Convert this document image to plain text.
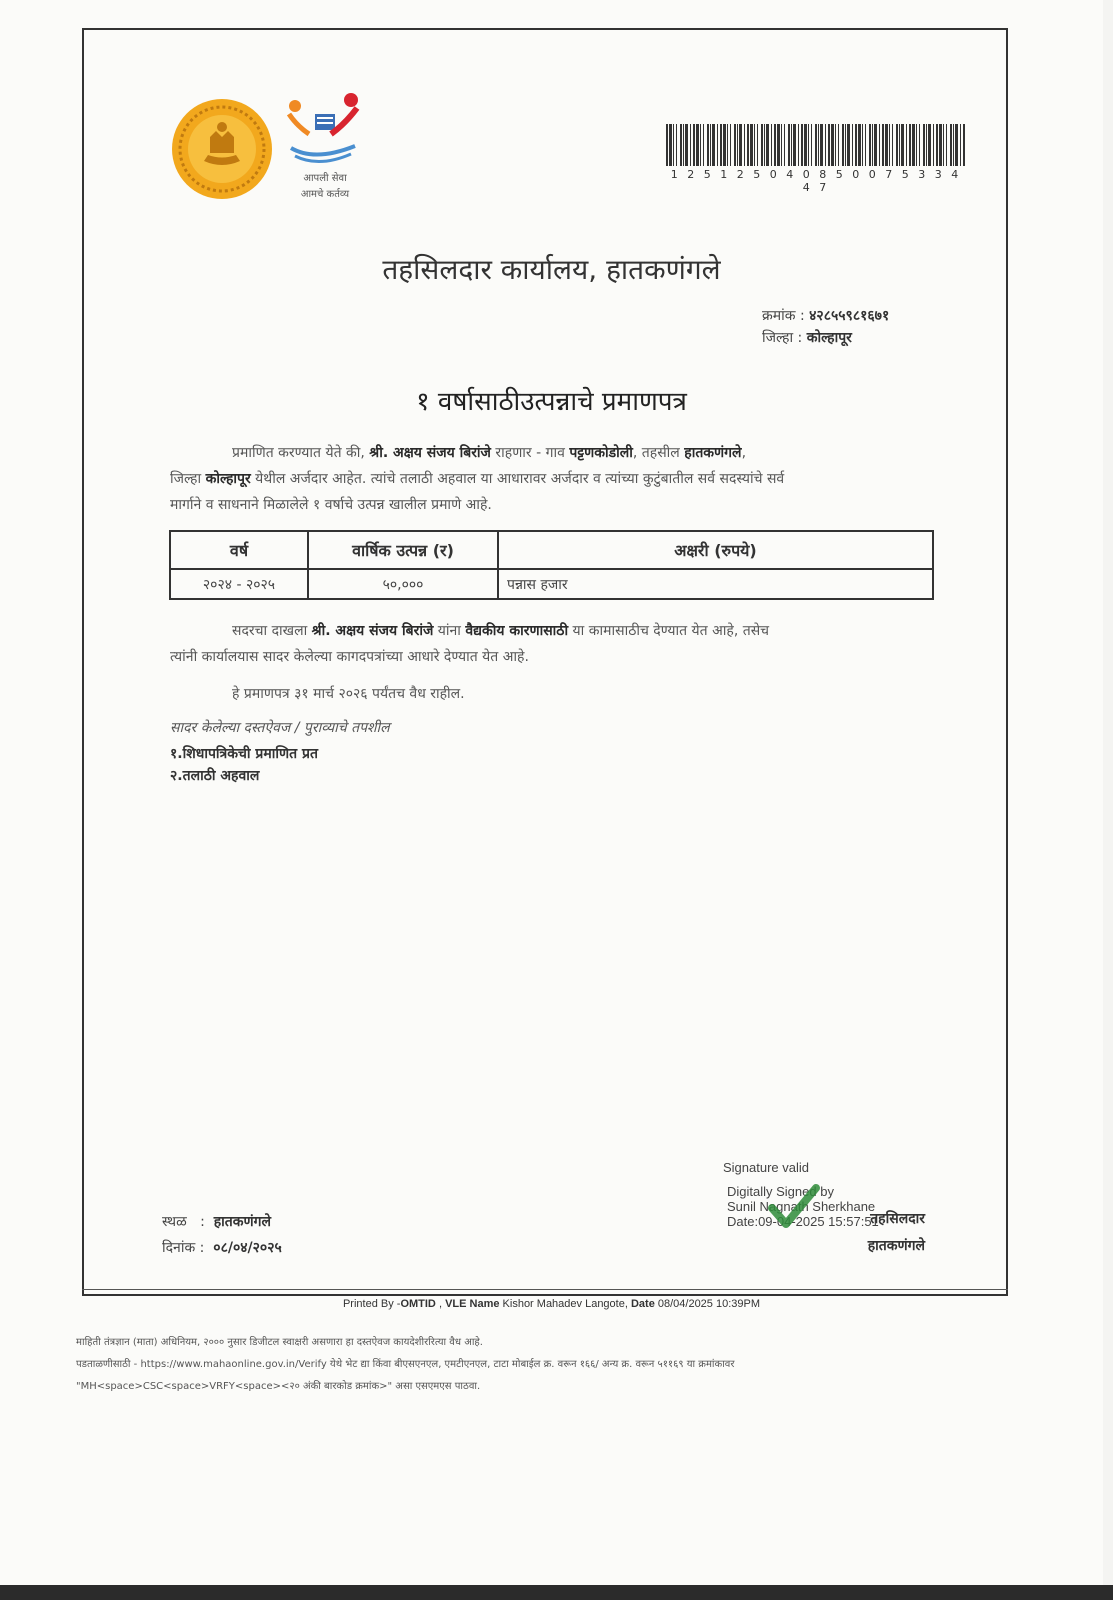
आपली सेवा
आमचे कर्तव्य
1 2 5 1 2 5 0 4 0 8 5 0 0 7 5 3 3 4 4 7
तहसिलदार कार्यालय, हातकणंगले
क्रमांक : ४२८५५९८१६७१
जिल्हा : कोल्हापूर
१ वर्षासाठीउत्पन्नाचे प्रमाणपत्र
प्रमाणित करण्यात येते की, श्री. अक्षय संजय बिरांजे राहणार - गाव पट्टणकोडोली, तहसील हातकणंगले,
जिल्हा कोल्हापूर येथील अर्जदार आहेत. त्यांचे तलाठी अहवाल या आधारावर अर्जदार व त्यांच्या कुटुंबातील सर्व सदस्यांचे सर्व
मार्गाने व साधनाने मिळालेले १ वर्षाचे उत्पन्न खालील प्रमाणे आहे.
वर्ष	वार्षिक उत्पन्न (र)	अक्षरी (रुपये)
२०२४ - २०२५	५०,०००	पन्नास हजार
सदरचा दाखला श्री. अक्षय संजय बिरांजे यांना वैद्यकीय कारणासाठी या कामासाठीच देण्यात येत आहे, तसेच
त्यांनी कार्यालयास सादर केलेल्या कागदपत्रांच्या आधारे देण्यात येत आहे.
हे प्रमाणपत्र ३१ मार्च २०२६ पर्यंतच वैध राहील.
सादर केलेल्या दस्तऐवज / पुराव्याचे तपशील
१.शिधापत्रिकेची प्रमाणित प्रत
२.तलाठी अहवाल
स्थळ   :  हातकणंगले
दिनांक :  ०८/०४/२०२५
Signature valid
Digitally Signed by
Sunil Nagnath Sherkhane
Date:09-04-2025 15:57:51
तहसिलदार
हातकणंगले
Printed By -OMTID , VLE Name Kishor Mahadev Langote, Date 08/04/2025 10:39PM
माहिती तंत्रज्ञान (माता) अधिनियम, २००० नुसार डिजीटल स्वाक्षरी असणारा हा दस्तऐवज कायदेशीररित्या वैध आहे.
पडताळणीसाठी - https://www.mahaonline.gov.in/Verify येथे भेट द्या किंवा बीएसएनएल, एमटीएनएल, टाटा मोबाईल क्र. वरून १६६/ अन्य क्र. वरून ५११६९ या क्रमांकावर
"MH<space>CSC<space>VRFY<space><२० अंकी बारकोड क्रमांक>" असा एसएमएस पाठवा.
